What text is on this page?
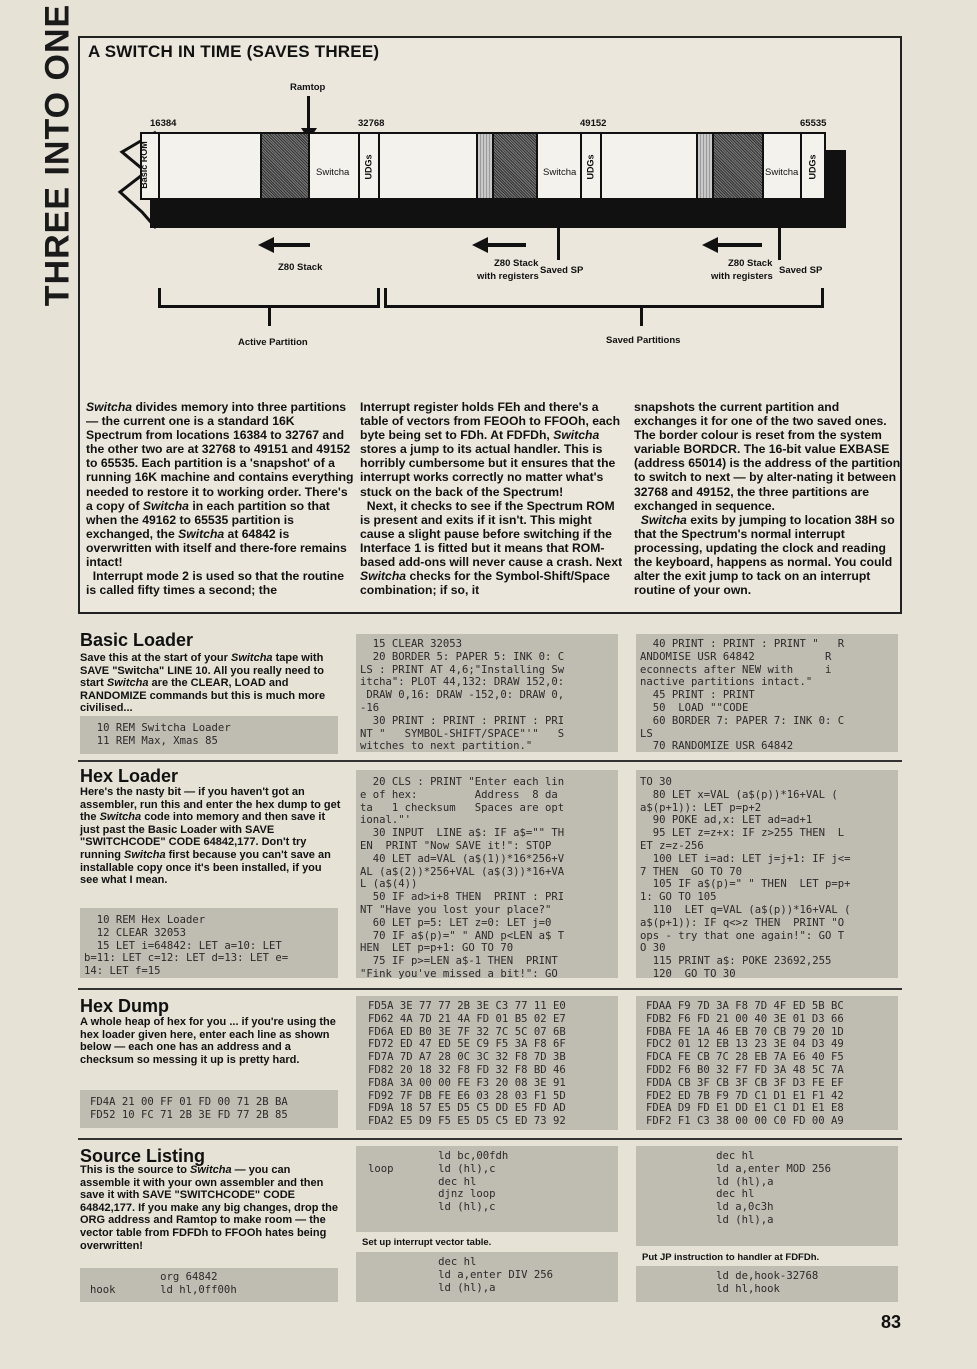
THREE INTO ONE A SWITCH IN TIME (SAVES THREE)
Ramtop
16384	32768	49152	65535
Basic ROM	Switcha UDGs	Switcha UDGs	Switcha UDGs
Z80 Stack	Z80 Stack
with registers
Saved SP
Z80 Stack
with registers
Saved SP
Active Partition	Saved Partitions

Switcha divides memory into three partitions — the current one is a standard 16K Spectrum from locations 16384 to 32767 and the other two are at 32768 to 49151 and 49152 to 65535. Each partition is a 'snapshot' of a running 16K machine and contains everything needed to restore it to working order. There's a copy of Switcha in each partition so that when the 49162 to 65535 partition is exchanged, the Switcha at 64842 is overwritten with itself and there-fore remains intact!

Interrupt mode 2 is used so that the routine is called fifty times a second; the

Interrupt register holds FEh and there's a table of vectors from FEOOh to FFOOh, each byte being set to FDh. At FDFDh, Switcha stores a jump to its actual handler. This is horribly cumbersome but it ensures that the interrupt works correctly no matter what's stuck on the back of the Spectrum!

Next, it checks to see if the Spectrum ROM is present and exits if it isn't. This might cause a slight pause before switching if the Interface 1 is fitted but it means that ROM-based add-ons will never cause a crash. Next Switcha checks for the Symbol-Shift/Space combination; if so, it

snapshots the current partition and exchanges it for one of the two saved ones. The border colour is reset from the system variable BORDCR. The 16-bit value EXBASE (address 65014) is the address of the partition to switch to next — by alter-nating it between 32768 and 49152, the three partitions are exchanged in sequence.

Switcha exits by jumping to location 38H so that the Spectrum's normal interrupt processing, updating the clock and reading the keyboard, happens as normal. You could alter the exit jump to tack on an interrupt routine of your own.

Basic Loader
Save this at the start of your Switcha tape with SAVE "Switcha" LINE 10. All you really need to start Switcha are the CLEAR, LOAD and RANDOMIZE commands but this is much more civilised...
10 REM Switcha Loader
11 REM Max, Xmas 85
15 CLEAR 32053
20 BORDER 5: PAPER 5: INK 0: C
LS : PRINT AT 4,6;"Installing Sw
itcha": PLOT 44,132: DRAW 152,0:
DRAW 0,16: DRAW -152,0: DRAW 0,
-16
30 PRINT : PRINT : PRINT : PRI
NT "   SYMBOL-SHIFT/SPACE"'"   S
witches to next partition."
40 PRINT : PRINT : PRINT "   R
ANDOMISE USR 64842           R
econnects after NEW with     i
nactive partitions intact."
45 PRINT : PRINT
50  LOAD ""CODE
60 BORDER 7: PAPER 7: INK 0: C
LS
70 RANDOMIZE USR 64842
Hex Loader
Here's the nasty bit — if you haven't got an assembler, run this and enter the hex dump to get the Switcha code into memory and then save it just past the Basic Loader with SAVE "SWITCHCODE" CODE 64842,177. Don't try running Switcha first because you can't save an installable copy once it's been installed, if you see what I mean.
10 REM Hex Loader
12 CLEAR 32053
15 LET i=64842: LET a=10: LET
b=11: LET c=12: LET d=13: LET e=
14: LET f=15
20 CLS : PRINT "Enter each lin
e of hex:         Address  8 da
ta   1 checksum   Spaces are opt
ional."'
30 INPUT  LINE a$: IF a$="" TH
EN  PRINT "Now SAVE it!": STOP
40 LET ad=VAL (a$(1))*16*256+V
AL (a$(2))*256+VAL (a$(3))*16+VA
L (a$(4))
50 IF ad>i+8 THEN  PRINT : PRI
NT "Have you lost your place?"
60 LET p=5: LET z=0: LET j=0
70 IF a$(p)=" " AND p<LEN a$ T
HEN  LET p=p+1: GO TO 70
75 IF p>=LEN a$-1 THEN  PRINT
"Fink you've missed a bit!": GO
TO 30
80 LET x=VAL (a$(p))*16+VAL (
a$(p+1)): LET p=p+2
90 POKE ad,x: LET ad=ad+1
95 LET z=z+x: IF z>255 THEN  L
ET z=z-256
100 LET i=ad: LET j=j+1: IF j<=
7 THEN  GO TO 70
105 IF a$(p)=" " THEN  LET p=p+
1: GO TO 105
110  LET q=VAL (a$(p))*16+VAL (
a$(p+1)): IF q<>z THEN  PRINT "O
ops - try that one again!": GO T
O 30
115 PRINT a$: POKE 23692,255
120  GO TO 30
Hex Dump
A whole heap of hex for you ... if you're using the hex loader given here, enter each line as shown below — each one has an address and a checksum so messing it up is pretty hard.
FD4A 21 00 FF 01 FD 00 71 2B BA
FD52 10 FC 71 2B 3E FD 77 2B 85
FD5A 3E 77 77 2B 3E C3 77 11 E0
FD62 4A 7D 21 4A FD 01 B5 02 E7
FD6A ED B0 3E 7F 32 7C 5C 07 6B
FD72 ED 47 ED 5E C9 F5 3A F8 6F
FD7A 7D A7 28 0C 3C 32 F8 7D 3B
FD82 20 18 32 F8 FD 32 F8 BD 46
FD8A 3A 00 00 FE F3 20 08 3E 91
FD92 7F DB FE E6 03 28 03 F1 5D
FD9A 18 57 E5 D5 C5 DD E5 FD AD
FDA2 E5 D9 F5 E5 D5 C5 ED 73 92
FDAA F9 7D 3A F8 7D 4F ED 5B BC
FDB2 F6 FD 21 00 40 3E 01 D3 66
FDBA FE 1A 46 EB 70 CB 79 20 1D
FDC2 01 12 EB 13 23 3E 04 D3 49
FDCA FE CB 7C 28 EB 7A E6 40 F5
FDD2 F6 B0 32 F7 FD 3A 48 5C 7A
FDDA CB 3F CB 3F CB 3F D3 FE EF
FDE2 ED 7B F9 7D C1 D1 E1 F1 42
FDEA D9 FD E1 DD E1 C1 D1 E1 E8
FDF2 F1 C3 38 00 00 C0 FD 00 A9
Source Listing
This is the source to Switcha — you can assemble it with your own assembler and then save it with SAVE "SWITCHCODE" CODE 64842,177. If you make any big changes, drop the ORG address and Ramtop to make room — the vector table from FDFDh to FFOOh hates being overwritten!
org 64842
hook       ld hl,0ff00h
ld bc,00fdh
loop       ld (hl),c
dec hl
djnz loop
ld (hl),c
Set up interrupt vector table.
dec hl
ld a,enter DIV 256
ld (hl),a
dec hl
ld a,enter MOD 256
ld (hl),a
dec hl
ld a,0c3h
ld (hl),a
Put JP instruction to handler at FDFDh.
ld de,hook-32768
ld hl,hook
83
